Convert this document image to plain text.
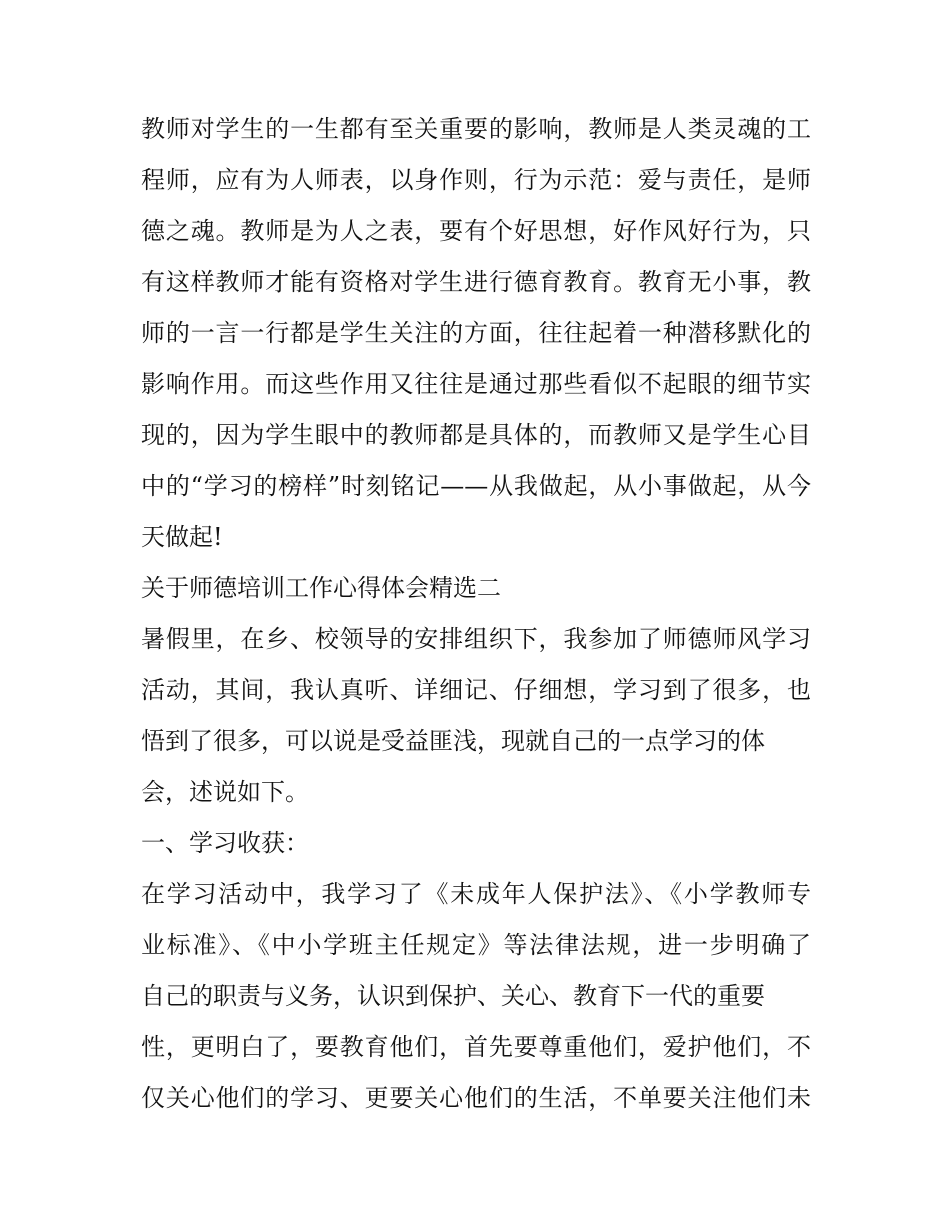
教师对学生的一生都有至关重要的影响，教师是人类灵魂的工
程师，应有为人师表，以身作则，行为示范：爱与责任，是师
德之魂。教师是为人之表，要有个好思想，好作风好行为，只
有这样教师才能有资格对学生进行德育教育。教育无小事，教
师的一言一行都是学生关注的方面，往往起着一种潜移默化的
影响作用。而这些作用又往往是通过那些看似不起眼的细节实
现的，因为学生眼中的教师都是具体的，而教师又是学生心目
中的“学习的榜样”时刻铭记——从我做起，从小事做起，从今
天做起!
关于师德培训工作心得体会精选二
暑假里，在乡、校领导的安排组织下，我参加了师德师风学习
活动，其间，我认真听、详细记、仔细想，学习到了很多，也
悟到了很多，可以说是受益匪浅，现就自己的一点学习的体
会，述说如下。
一、学习收获：
在学习活动中，我学习了《未成年人保护法》、《小学教师专
业标准》、《中小学班主任规定》等法律法规，进一步明确了
自己的职责与义务，认识到保护、关心、教育下一代的重要
性，更明白了，要教育他们，首先要尊重他们，爱护他们，不
仅关心他们的学习、更要关心他们的生活，不单要关注他们未
